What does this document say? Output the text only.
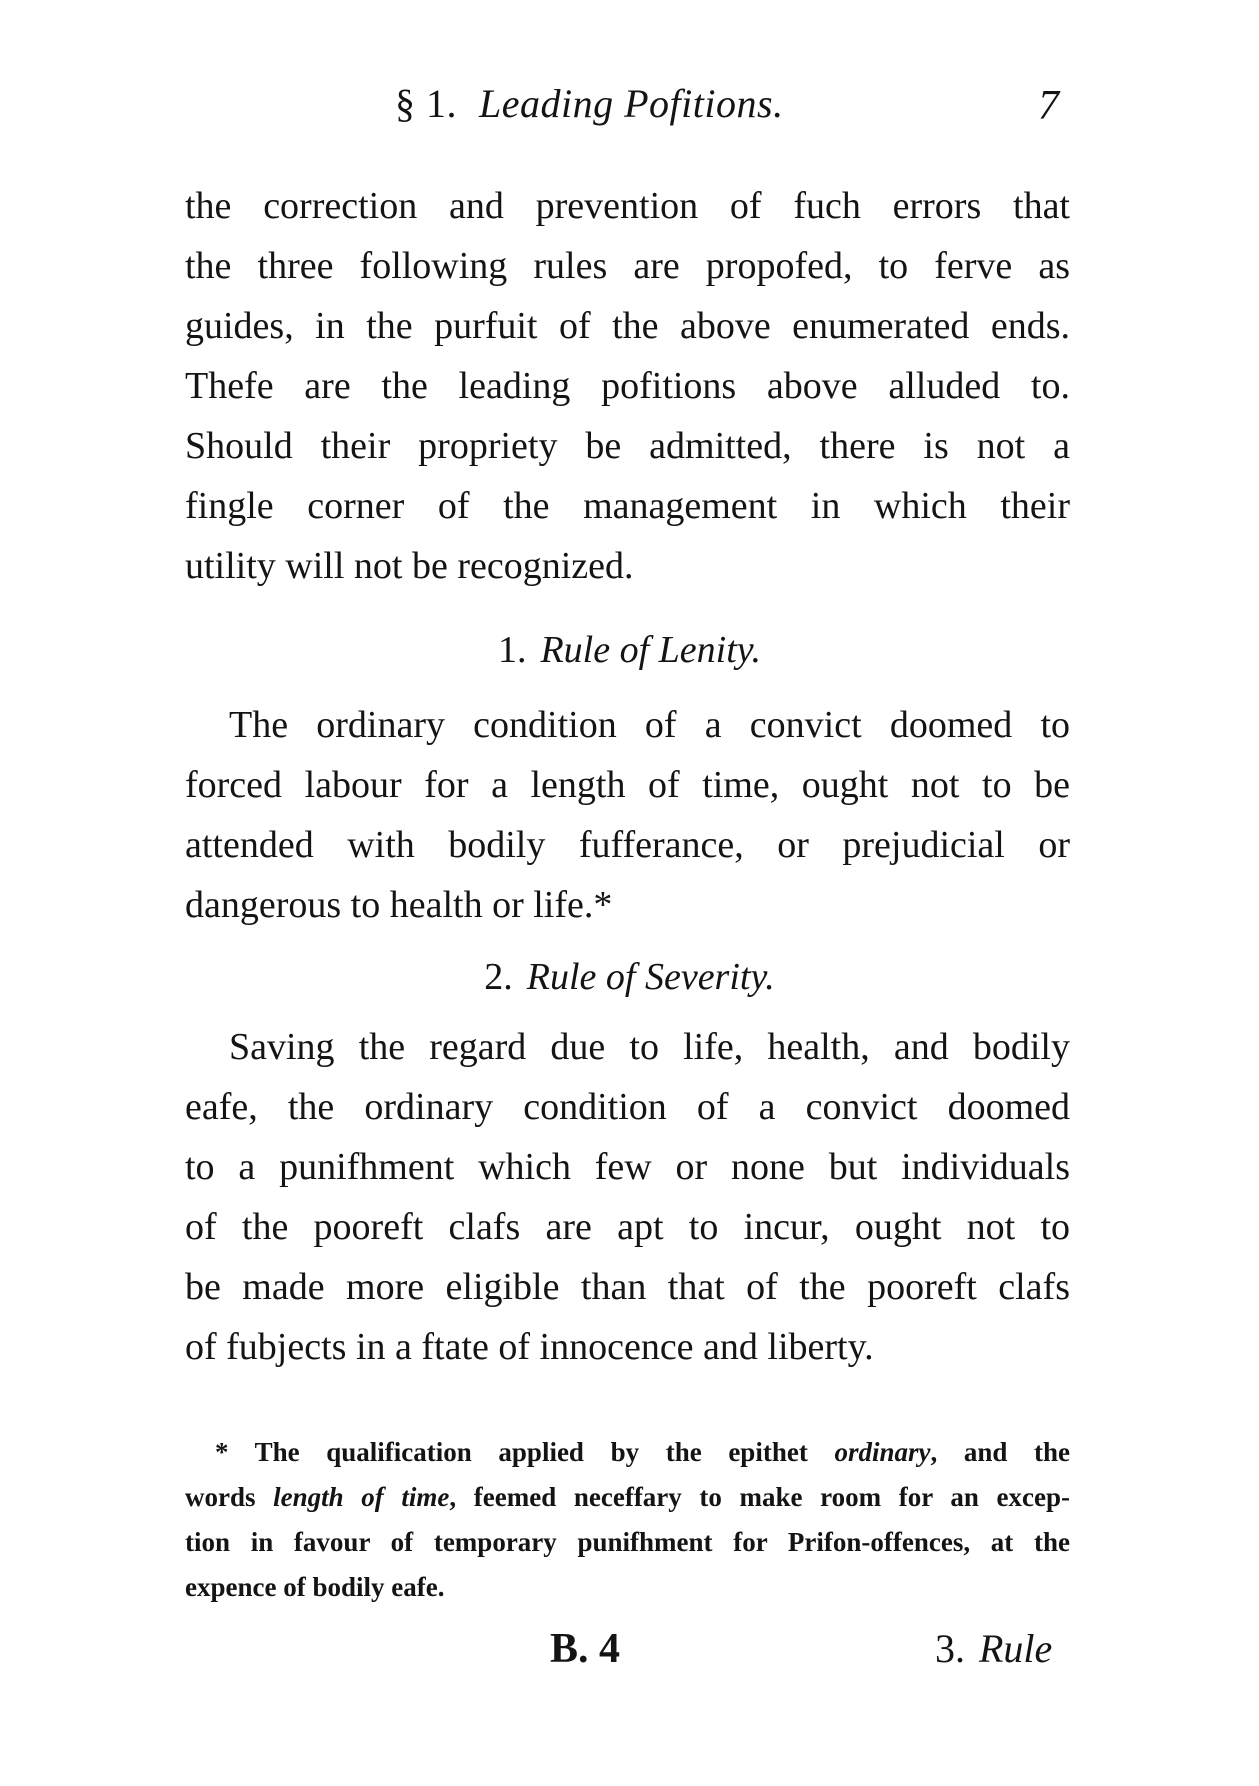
§ 1. Leading Pofitions.	7
the correction and prevention of fuch errors that
the three following rules are propofed, to ferve as
guides, in the purfuit of the above enumerated ends.
Thefe are the leading pofitions above alluded to.
Should their propriety be admitted, there is not a
fingle corner of the management in which their
utility will not be recognized.
1. Rule of Lenity.
The ordinary condition of a convict doomed to
forced labour for a length of time, ought not to be
attended with bodily fufferance, or prejudicial or
dangerous to health or life.*
2. Rule of Severity.
Saving the regard due to life, health, and bodily
eafe, the ordinary condition of a convict doomed
to a punifhment which few or none but individuals
of the pooreft clafs are apt to incur, ought not to
be made more eligible than that of the pooreft clafs
of fubjects in a ftate of innocence and liberty.
* The qualification applied by the epithet ordinary, and the
words length of time, feemed neceffary to make room for an excep-
tion in favour of temporary punifhment for Prifon-offences, at the
expence of bodily eafe.
B. 4	3. Rule
